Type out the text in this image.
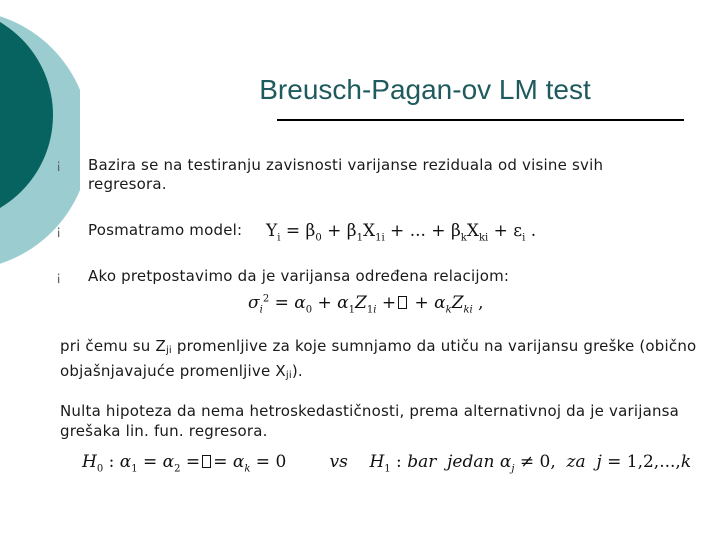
Breusch-Pagan-ov LM test
¡	Bazira se na testiranju zavisnosti varijanse reziduala od visine svih regresora.
¡	Posmatramo model: $Y_i = \beta_0 + \beta_1X_{1i}$ + ... + $\beta_kX_{ki} + \varepsilon_i$ .
¡	Ako pretpostavimo da je varijansa određena relacijom:
$\sigma_i^2 = \alpha_0 + \alpha_1Z_{1i}$ + + $\alpha_kZ_{ki}$ ,
pri čemu su $Z_{ji}$ promenljive za koje sumnjamo da utiču na varijansu greške (obično objašnjavajuće promenljive $X_{ji}$).
Nulta hipoteza da nema hetroskedastičnosti, prema alternativnoj da je varijansa grešaka lin. fun. regresora.
$H_0$ : $\alpha_1 = \alpha_2$ = = $\alpha_k = 0$        vs $H_1$ : bar  jedan $\alpha_j \ne 0$,  za  j = 1,2,...,k
